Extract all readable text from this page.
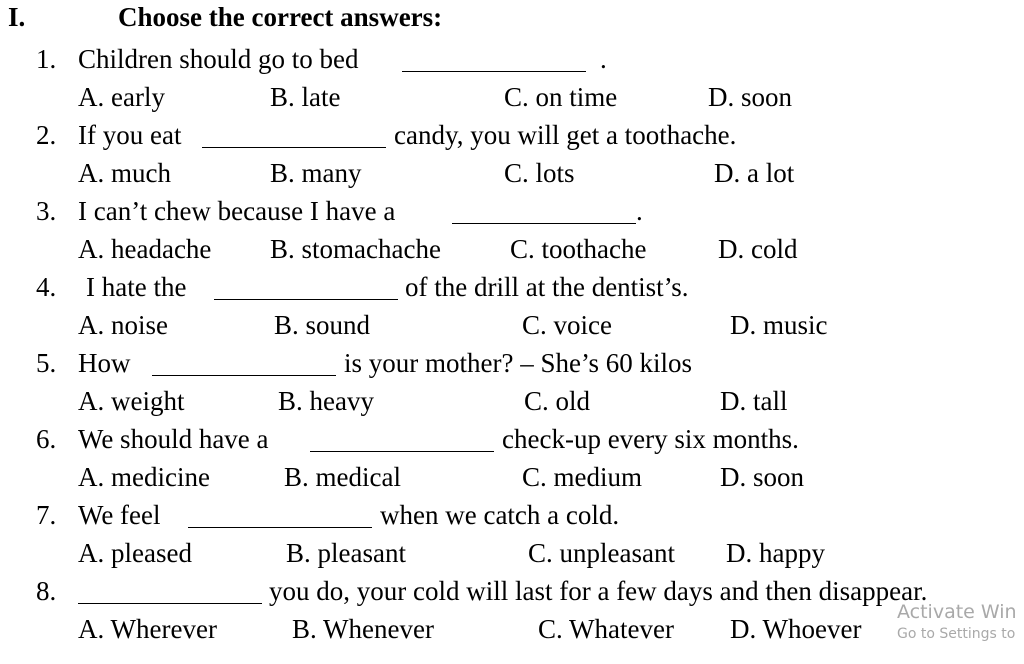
I.	Choose the correct answers:
1. Children should go to bed	.
A. early	B. late	C. on time	D. soon
2. If you eat	candy, you will get a toothache.
A. much	B. many	C. lots	D. a lot
3. I can’t chew because I have a	.
A. headache B. stomachache	C. toothache	D. cold
4. I hate the	of the drill at the dentist’s.
A. noise	B. sound	C. voice	D. music
5. How	is your mother? – She’s 60 kilos
A. weight	B. heavy	C. old	D. tall
6. We should have a	check-up every six months.
A. medicine	B. medical	C. medium	D. soon
7. We feel	when we catch a cold.
A. pleased	B. pleasant	C. unpleasant D. happy
8.	you do, your cold will last for a few days and then disappear.
A. Wherever	B. Whenever	C. Whatever D. Whoever
Activate Win
Go to Settings to
